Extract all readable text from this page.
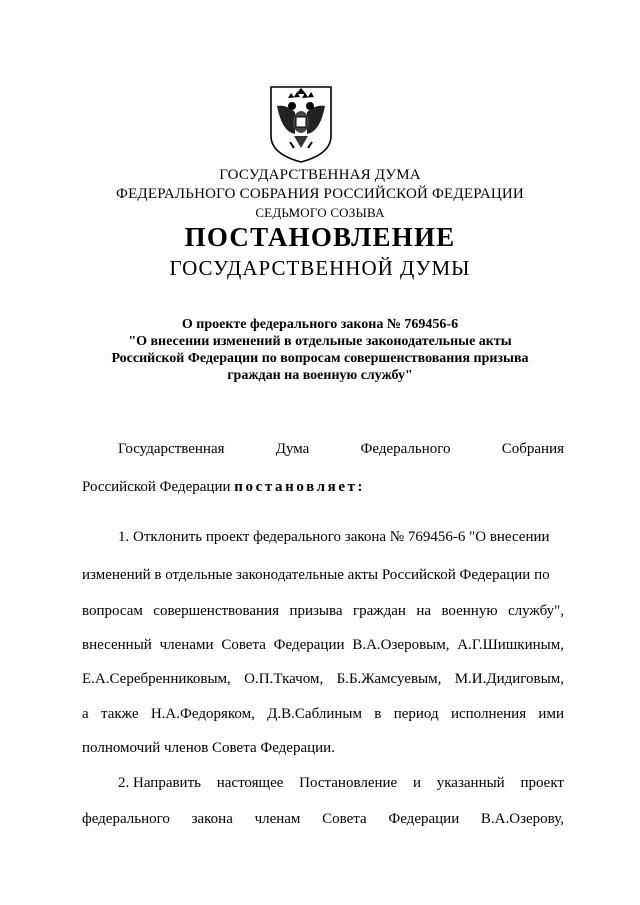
ГОСУДАРСТВЕННАЯ ДУМА
ФЕДЕРАЛЬНОГО СОБРАНИЯ РОССИЙСКОЙ ФЕДЕРАЦИИ
СЕДЬМОГО СОЗЫВА
ПОСТАНОВЛЕНИЕ
ГОСУДАРСТВЕННОЙ ДУМЫ
О проекте федерального закона № 769456-6
"О внесении изменений в отдельные законодательные акты
Российской Федерации по вопросам совершенствования призыва
граждан на военную службу"
Государственная	Дума	Федерального	Собрания
Российской Федерации постановляет:
1. Отклонить проект федерального закона № 769456-6 "О внесении
изменений в отдельные законодательные акты Российской Федерации по
вопросам совершенствования призыва граждан на военную службу",
внесенный членами Совета Федерации В.А.Озеровым, А.Г.Шишкиным,
Е.А.Серебренниковым, О.П.Ткачом, Б.Б.Жамсуевым, М.И.Дидиговым,
а также Н.А.Федоряком, Д.В.Саблиным в период исполнения ими
полномочий членов Совета Федерации.
2. Направить настоящее Постановление и указанный проект
федерального закона членам Совета Федерации В.А.Озерову,
